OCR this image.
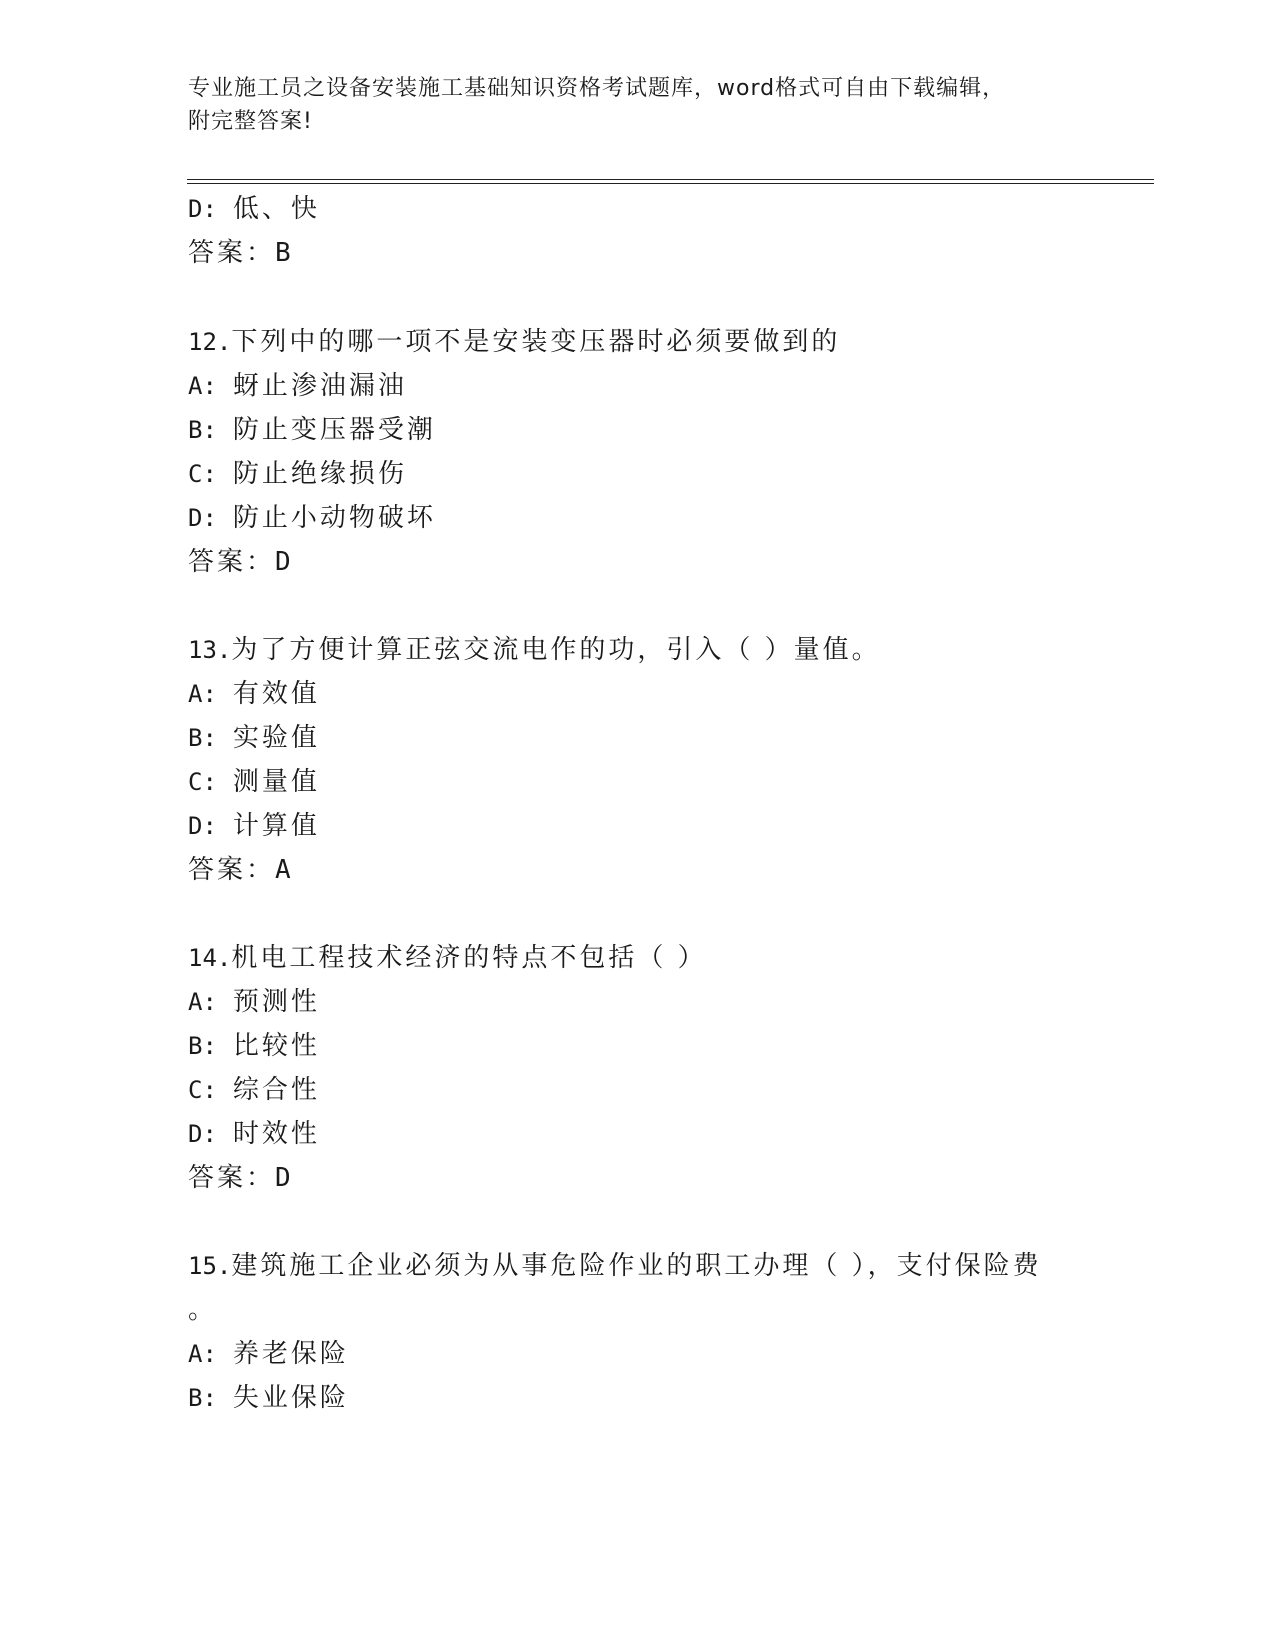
专业施工员之设备安装施工基础知识资格考试题库，word格式可自由下载编辑，
附完整答案!
D: 低、快
答案：B
12.下列中的哪一项不是安装变压器时必须要做到的
A: 蚜止渗油漏油
B: 防止变压器受潮
C: 防止绝缘损伤
D: 防止小动物破坏
答案：D
13.为了方便计算正弦交流电作的功，引入（ ）量值。
A: 有效值
B: 实验值
C: 测量值
D: 计算值
答案：A
14.机电工程技术经济的特点不包括（ ）
A: 预测性
B: 比较性
C: 综合性
D: 时效性
答案：D
15.建筑施工企业必须为从事危险作业的职工办理（ ），支付保险费
。
A: 养老保险
B: 失业保险
